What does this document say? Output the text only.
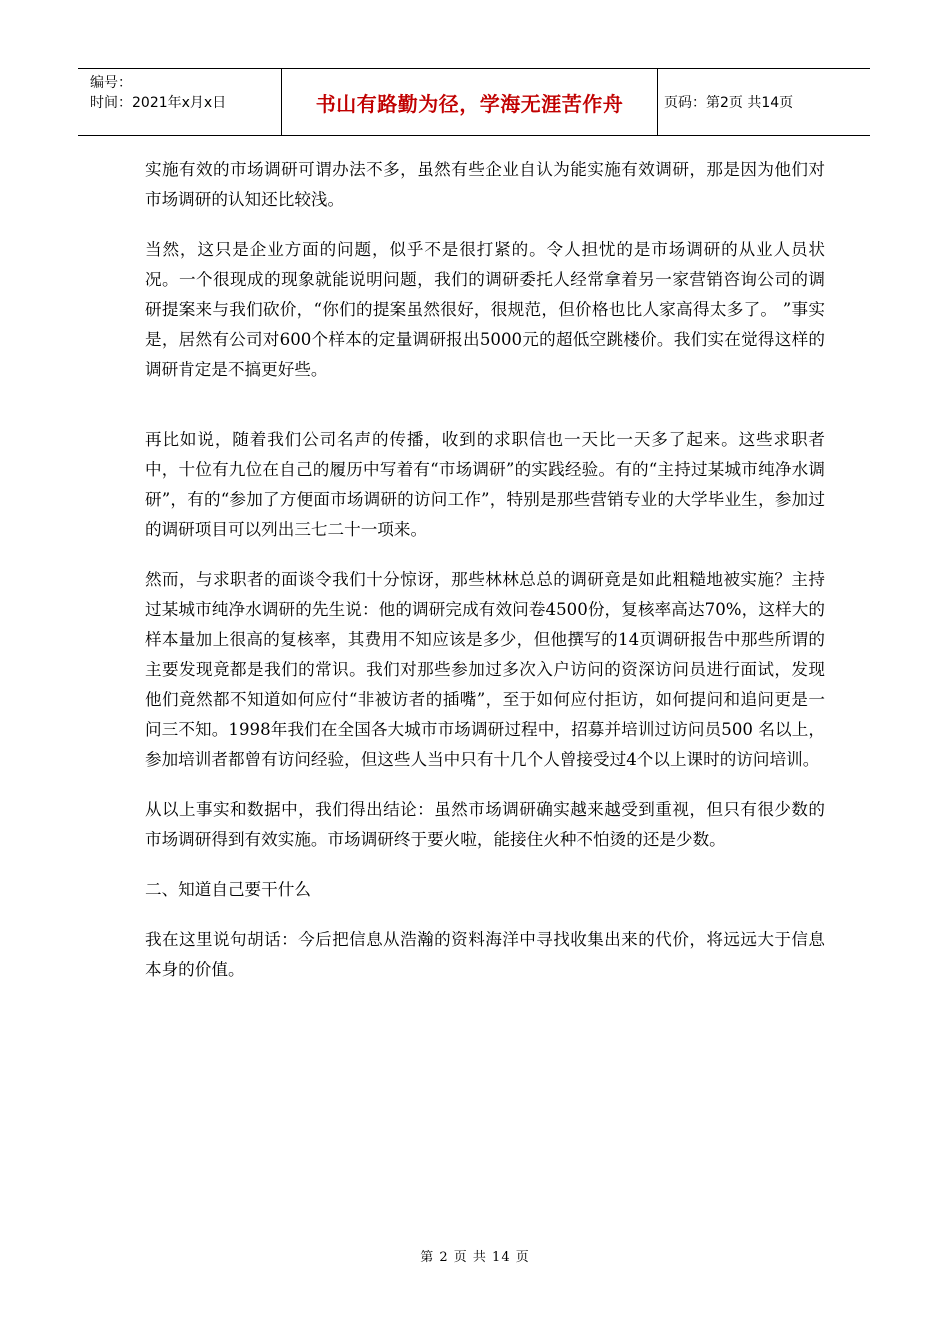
编号：
时间：2021年x月x日	书山有路勤为径，学海无涯苦作舟	页码：第2页 共14页

实施有效的市场调研可谓办法不多，虽然有些企业自认为能实施有效调研，那是因为他们对市场调研的认知还比较浅。

当然，这只是企业方面的问题，似乎不是很打紧的。令人担忧的是市场调研的从业人员状况。一个很现成的现象就能说明问题，我们的调研委托人经常拿着另一家营销咨询公司的调研提案来与我们砍价，“你们的提案虽然很好，很规范，但价格也比人家高得太多了。 ”事实是，居然有公司对600个样本的定量调研报出5000元的超低空跳楼价。我们实在觉得这样的调研肯定是不搞更好些。

再比如说，随着我们公司名声的传播，收到的求职信也一天比一天多了起来。这些求职者中，十位有九位在自己的履历中写着有“市场调研”的实践经验。有的“主持过某城市纯净水调研”，有的“参加了方便面市场调研的访问工作”，特别是那些营销专业的大学毕业生，参加过的调研项目可以列出三七二十一项来。

然而，与求职者的面谈令我们十分惊讶，那些林林总总的调研竟是如此粗糙地被实施？主持过某城市纯净水调研的先生说：他的调研完成有效问卷4500份，复核率高达70%，这样大的样本量加上很高的复核率，其费用不知应该是多少，但他撰写的14页调研报告中那些所谓的主要发现竟都是我们的常识。我们对那些参加过多次入户访问的资深访问员进行面试，发现他们竟然都不知道如何应付“非被访者的插嘴”，至于如何应付拒访，如何提问和追问更是一问三不知。1998年我们在全国各大城市市场调研过程中，招募并培训过访问员500 名以上，参加培训者都曾有访问经验，但这些人当中只有十几个人曾接受过4个以上课时的访问培训。

从以上事实和数据中，我们得出结论：虽然市场调研确实越来越受到重视，但只有很少数的市场调研得到有效实施。市场调研终于要火啦，能接住火种不怕烫的还是少数。

二、知道自己要干什么

我在这里说句胡话：今后把信息从浩瀚的资料海洋中寻找收集出来的代价，将远远大于信息本身的价值。

第 2 页 共 14 页
